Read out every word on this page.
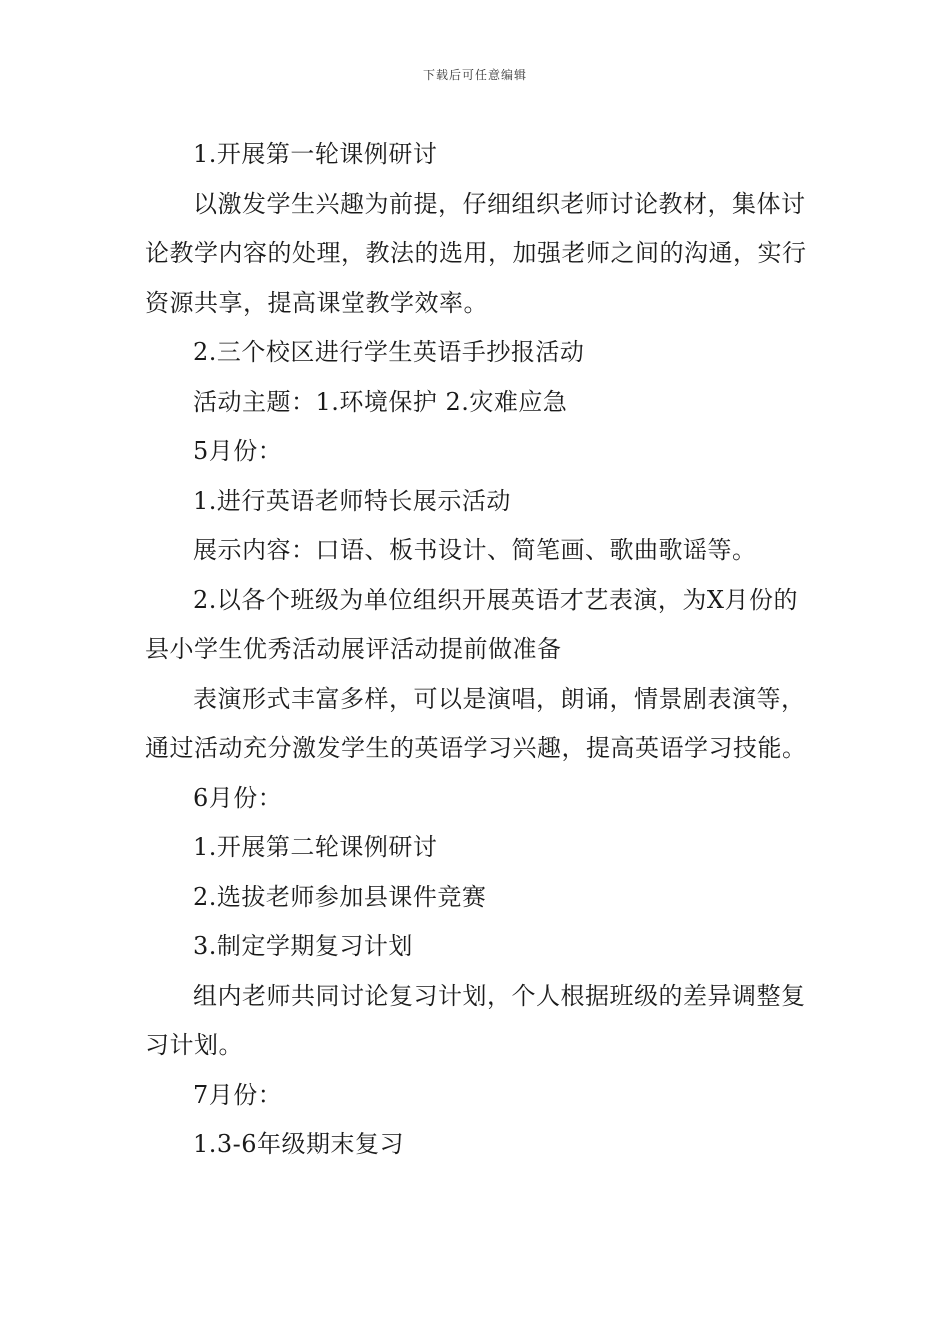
下载后可任意编辑

1.开展第一轮课例研讨

以激发学生兴趣为前提，仔细组织老师讨论教材，集体讨论教学内容的处理，教法的选用，加强老师之间的沟通，实行资源共享，提高课堂教学效率。

2.三个校区进行学生英语手抄报活动

活动主题：1.环境保护 2.灾难应急

5月份：

1.进行英语老师特长展示活动

展示内容：口语、板书设计、简笔画、歌曲歌谣等。

2.以各个班级为单位组织开展英语才艺表演，为X月份的县小学生优秀活动展评活动提前做准备

表演形式丰富多样，可以是演唱，朗诵，情景剧表演等，通过活动充分激发学生的英语学习兴趣，提高英语学习技能。

6月份：

1.开展第二轮课例研讨

2.选拔老师参加县课件竞赛

3.制定学期复习计划

组内老师共同讨论复习计划，个人根据班级的差异调整复习计划。

7月份：

1.3-6年级期末复习
